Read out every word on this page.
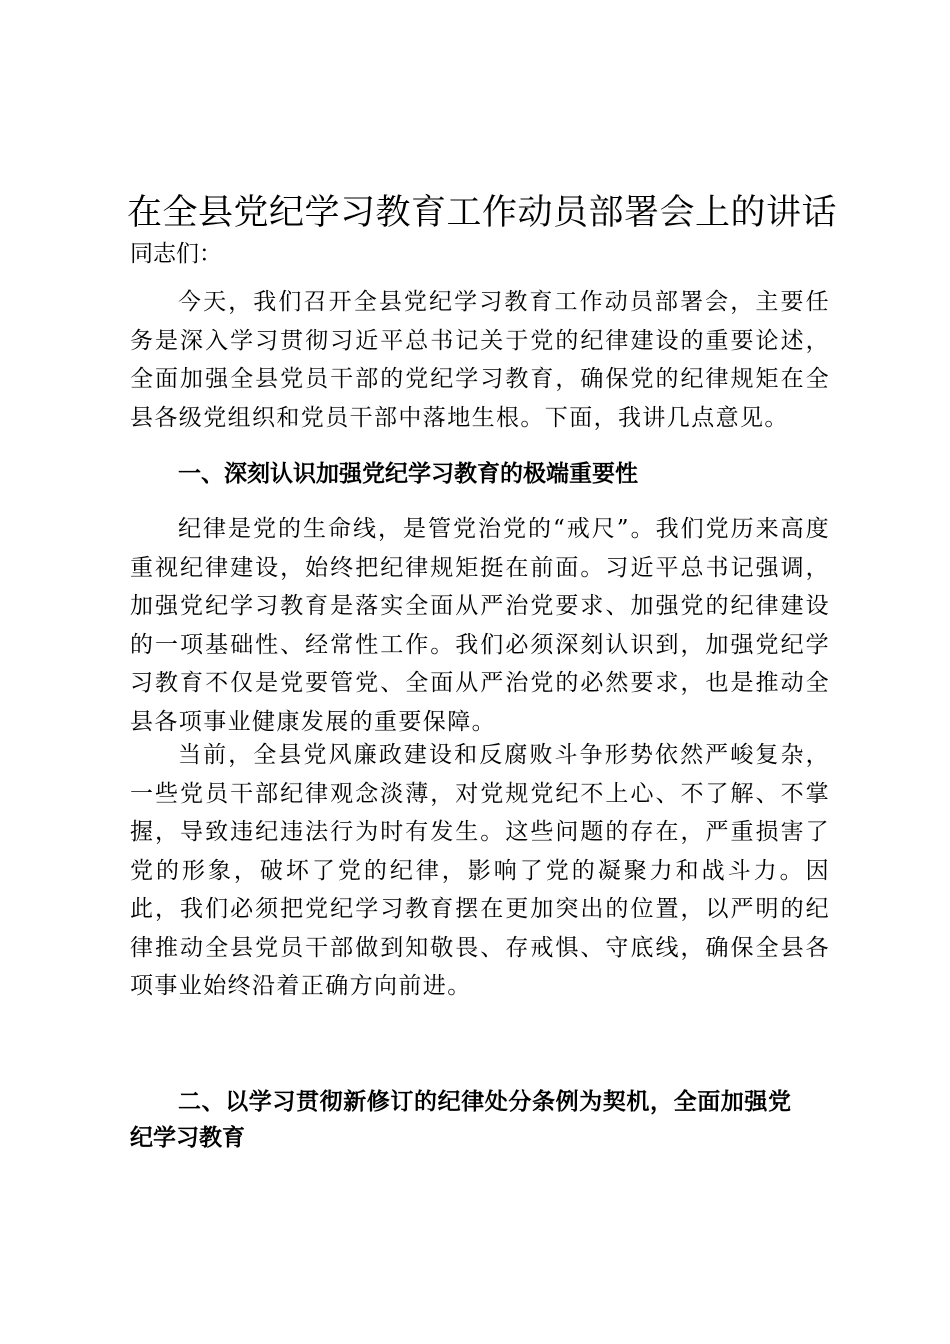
在全县党纪学习教育工作动员部署会上的讲话
同志们：

今天，我们召开全县党纪学习教育工作动员部署会，主要任务是深入学习贯彻习近平总书记关于党的纪律建设的重要论述，全面加强全县党员干部的党纪学习教育，确保党的纪律规矩在全县各级党组织和党员干部中落地生根。下面，我讲几点意见。

一、深刻认识加强党纪学习教育的极端重要性

纪律是党的生命线，是管党治党的“戒尺”。我们党历来高度重视纪律建设，始终把纪律规矩挺在前面。习近平总书记强调，加强党纪学习教育是落实全面从严治党要求、加强党的纪律建设的一项基础性、经常性工作。我们必须深刻认识到，加强党纪学习教育不仅是党要管党、全面从严治党的必然要求，也是推动全县各项事业健康发展的重要保障。

当前，全县党风廉政建设和反腐败斗争形势依然严峻复杂，一些党员干部纪律观念淡薄，对党规党纪不上心、不了解、不掌握，导致违纪违法行为时有发生。这些问题的存在，严重损害了党的形象，破坏了党的纪律，影响了党的凝聚力和战斗力。因此，我们必须把党纪学习教育摆在更加突出的位置，以严明的纪律推动全县党员干部做到知敬畏、存戒惧、守底线，确保全县各项事业始终沿着正确方向前进。

二、以学习贯彻新修订的纪律处分条例为契机，全面加强党
纪学习教育
